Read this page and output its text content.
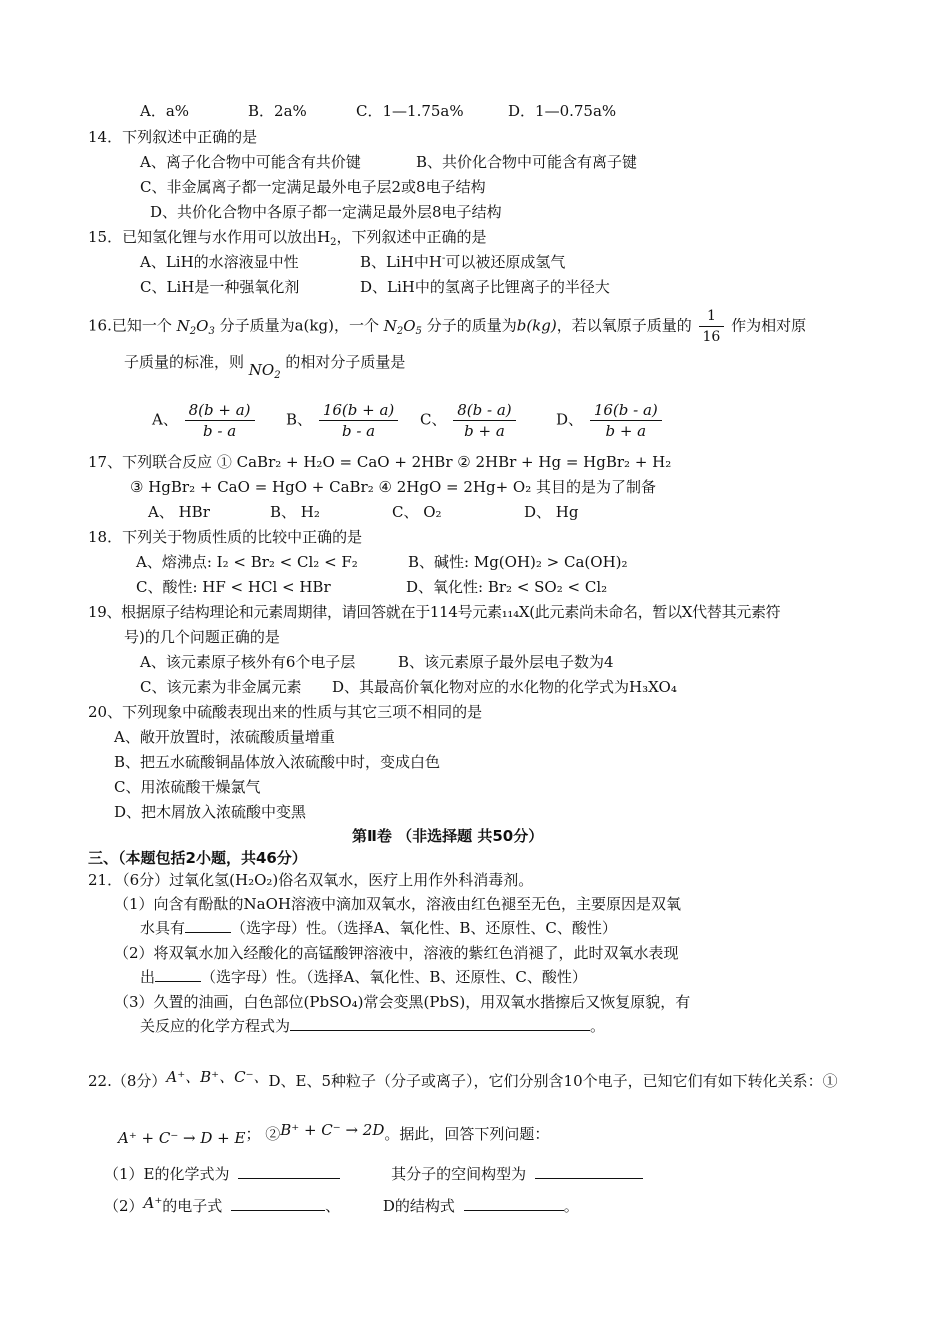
A．a%	B．2a%	C．1—1.75a%	D．1—0.75a%
14．下列叙述中正确的是
A、离子化合物中可能含有共价键	B、共价化合物中可能含有离子键
C、非金属离子都一定满足最外电子层2或8电子结构
D、共价化合物中各原子都一定满足最外层8电子结构
15．已知氢化锂与水作用可以放出$H_2$，下列叙述中正确的是
A、LiH的水溶液显中性	B、LiH中H-可以被还原成氢气
C、LiH是一种强氧化剂	D、LiH中的氢离子比锂离子的半径大
16.已知一个 $N_2O_3$ 分子质量为a(kg)，一个 $N_2O_5$ 分子的质量为b(kg)，若以氧原子质量的 $\frac{1}{16}$ 作为相对原
子质量的标准，则 $NO_2$ 的相对分子质量是
A、 $\frac{8(b + a)}{b - a}$ B、 $\frac{16(b + a)}{b - a}$ C、 $\frac{8(b - a)}{b + a}$	D、 $\frac{16(b - a)}{b + a}$
17、下列联合反应 ① CaBr₂ + H₂O = CaO + 2HBr ② 2HBr + Hg = HgBr₂ + H₂
③ HgBr₂ + CaO = HgO + CaBr₂ ④ 2HgO = 2Hg+ O₂ 其目的是为了制备
A、 HBr	B、 H₂	C、 O₂	D、 Hg
18．下列关于物质性质的比较中正确的是
A、熔沸点: I₂ < Br₂ < Cl₂ < F₂	B、碱性: Mg(OH)₂ > Ca(OH)₂
C、酸性: HF < HCl < HBr	D、氧化性: Br₂ < SO₂ < Cl₂
19、根据原子结构理论和元素周期律，请回答就在于114号元素₁₁₄X(此元素尚未命名，暂以X代替其元素符
号)的几个问题正确的是
A、该元素原子核外有6个电子层	B、该元素原子最外层电子数为4
C、该元素为非金属元素 D、其最高价氧化物对应的水化物的化学式为H₃XO₄
20、下列现象中硫酸表现出来的性质与其它三项不相同的是
A、敞开放置时，浓硫酸质量增重
B、把五水硫酸铜晶体放入浓硫酸中时，变成白色
C、用浓硫酸干燥氯气
D、把木屑放入浓硫酸中变黑
第Ⅱ卷 （非选择题 共50分）
三、（本题包括2小题，共46分）
21．（6分）过氧化氢(H₂O₂)俗名双氧水，医疗上用作外科消毒剂。
（1）向含有酚酞的NaOH溶液中滴加双氧水，溶液由红色褪至无色，主要原因是双氧
水具有	（选字母）性。（选择A、氧化性、B、还原性、C、酸性）
（2）将双氧水加入经酸化的高锰酸钾溶液中，溶液的紫红色消褪了，此时双氧水表现
出	（选字母）性。（选择A、氧化性、B、还原性、C、酸性）
（3）久置的油画，白色部位(PbSO₄)常会变黑(PbS)，用双氧水揩擦后又恢复原貌，有
关反应的化学方程式为	。
22.（8分）A⁺、B⁺、C⁻、D、E、5种粒子（分子或离子），它们分别含10个电子，已知它们有如下转化关系：①
A⁺ + C⁻ → D + E； ②B⁺ + C⁻ → 2D。据此，回答下列问题：
（1）E的化学式为	其分子的空间构型为
（2）A⁺的电子式	、	D的结构式	。
